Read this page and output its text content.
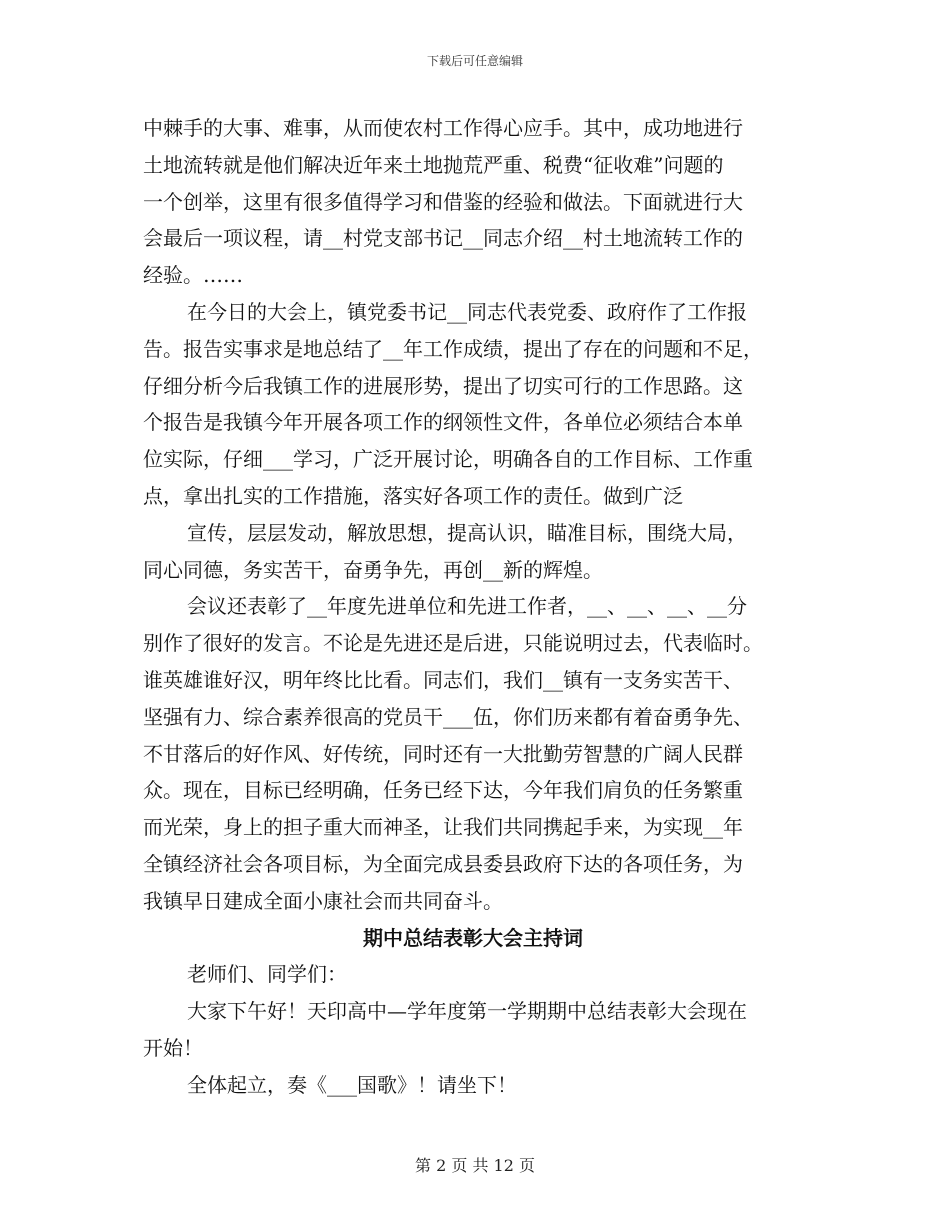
下载后可任意编辑
中棘手的大事、难事，从而使农村工作得心应手。其中，成功地进行
土地流转就是他们解决近年来土地抛荒严重、税费“征收难”问题的
一个创举，这里有很多值得学习和借鉴的经验和做法。下面就进行大
会最后一项议程，请__村党支部书记__同志介绍__村土地流转工作的
经验。……
在今日的大会上，镇党委书记__同志代表党委、政府作了工作报
告。报告实事求是地总结了__年工作成绩，提出了存在的问题和不足，
仔细分析今后我镇工作的进展形势，提出了切实可行的工作思路。这
个报告是我镇今年开展各项工作的纲领性文件，各单位必须结合本单
位实际，仔细___学习，广泛开展讨论，明确各自的工作目标、工作重
点，拿出扎实的工作措施，落实好各项工作的责任。做到广泛
宣传，层层发动，解放思想，提高认识，瞄准目标，围绕大局，
同心同德，务实苦干，奋勇争先，再创__新的辉煌。
会议还表彰了__年度先进单位和先进工作者，__、__、__、__分
别作了很好的发言。不论是先进还是后进，只能说明过去，代表临时。
谁英雄谁好汉，明年终比比看。同志们，我们__镇有一支务实苦干、
坚强有力、综合素养很高的党员干___伍，你们历来都有着奋勇争先、
不甘落后的好作风、好传统，同时还有一大批勤劳智慧的广阔人民群
众。现在，目标已经明确，任务已经下达，今年我们肩负的任务繁重
而光荣，身上的担子重大而神圣，让我们共同携起手来，为实现__年
全镇经济社会各项目标，为全面完成县委县政府下达的各项任务，为
我镇早日建成全面小康社会而共同奋斗。
期中总结表彰大会主持词
老师们、同学们：
大家下午好！天印高中—学年度第一学期期中总结表彰大会现在
开始！
全体起立，奏《___国歌》！请坐下！
第 2 页 共 12 页
